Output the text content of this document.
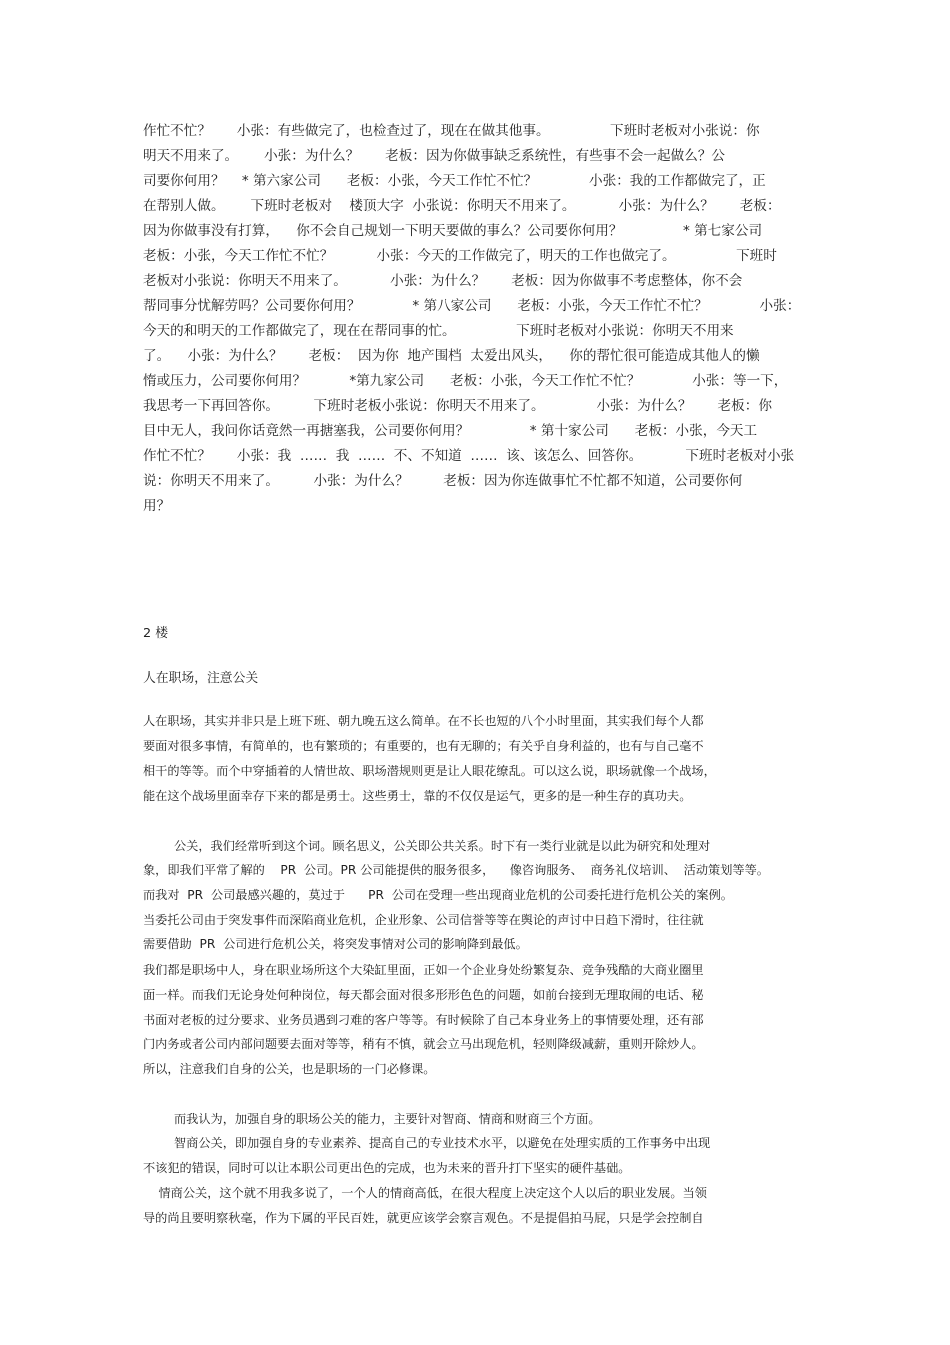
作忙不忙？      小张：有些做完了，也检查过了，现在在做其他事。              下班时老板对小张说：你
明天不用来了。      小张：为什么？      老板：因为你做事缺乏系统性，有些事不会一起做么？公
司要你何用？    * 第六家公司      老板：小张，今天工作忙不忙？            小张：我的工作都做完了，正
在帮别人做。      下班时老板对    楼顶大字  小张说：你明天不用来了。          小张：为什么？      老板：
因为你做事没有打算，    你不会自己规划一下明天要做的事么？公司要你何用？              * 第七家公司
老板：小张，今天工作忙不忙？          小张：今天的工作做完了，明天的工作也做完了。              下班时
老板对小张说：你明天不用来了。          小张：为什么？      老板：因为你做事不考虑整体，你不会
帮同事分忧解劳吗？公司要你何用？            * 第八家公司      老板：小张，今天工作忙不忙？            小张：
今天的和明天的工作都做完了，现在在帮同事的忙。              下班时老板对小张说：你明天不用来
了。    小张：为什么？      老板：  因为你  地产围档  太爱出风头，    你的帮忙很可能造成其他人的懒
惰或压力，公司要你何用？          *第九家公司      老板：小张，今天工作忙不忙？            小张：等一下，
我思考一下再回答你。        下班时老板小张说：你明天不用来了。            小张：为什么？      老板：你
目中无人，我问你话竟然一再搪塞我，公司要你何用？              * 第十家公司      老板：小张，今天工
作忙不忙？      小张：我  ……  我  ……  不、不知道  ……  该、该怎么、回答你。          下班时老板对小张
说：你明天不用来了。        小张：为什么？        老板：因为你连做事忙不忙都不知道，公司要你何
用？
2 楼
人在职场，注意公关
人在职场，其实并非只是上班下班、朝九晚五这么简单。在不长也短的八个小时里面，其实我们每个人都
要面对很多事情，有简单的，也有繁琐的；有重要的，也有无聊的；有关乎自身利益的，也有与自己毫不
相干的等等。而个中穿插着的人情世故、职场潜规则更是让人眼花缭乱。可以这么说，职场就像一个战场，
能在这个战场里面幸存下来的都是勇士。这些勇士，靠的不仅仅是运气，更多的是一种生存的真功夫。
公关，我们经常听到这个词。顾名思义，公关即公共关系。时下有一类行业就是以此为研究和处理对
象，即我们平常了解的    PR  公司。PR 公司能提供的服务很多，    像咨询服务、  商务礼仪培训、  活动策划等等。
而我对  PR  公司最感兴趣的，莫过于      PR  公司在受理一些出现商业危机的公司委托进行危机公关的案例。
当委托公司由于突发事件而深陷商业危机，企业形象、公司信誉等等在舆论的声讨中日趋下滑时，往往就
需要借助  PR  公司进行危机公关，将突发事情对公司的影响降到最低。
我们都是职场中人，身在职业场所这个大染缸里面，正如一个企业身处纷繁复杂、竞争残酷的大商业圈里
面一样。而我们无论身处何种岗位，每天都会面对很多形形色色的问题，如前台接到无理取闹的电话、秘
书面对老板的过分要求、业务员遇到刁难的客户等等。有时候除了自己本身业务上的事情要处理，还有部
门内务或者公司内部问题要去面对等等，稍有不慎，就会立马出现危机，轻则降级减薪，重则开除炒人。
所以，注意我们自身的公关，也是职场的一门必修课。
而我认为，加强自身的职场公关的能力，主要针对智商、情商和财商三个方面。
智商公关，即加强自身的专业素养、提高自己的专业技术水平，以避免在处理实质的工作事务中出现
不该犯的错误，同时可以让本职公司更出色的完成，也为未来的晋升打下坚实的硬件基础。
情商公关，这个就不用我多说了，一个人的情商高低，在很大程度上决定这个人以后的职业发展。当领
导的尚且要明察秋毫，作为下属的平民百姓，就更应该学会察言观色。不是提倡拍马屁，只是学会控制自
